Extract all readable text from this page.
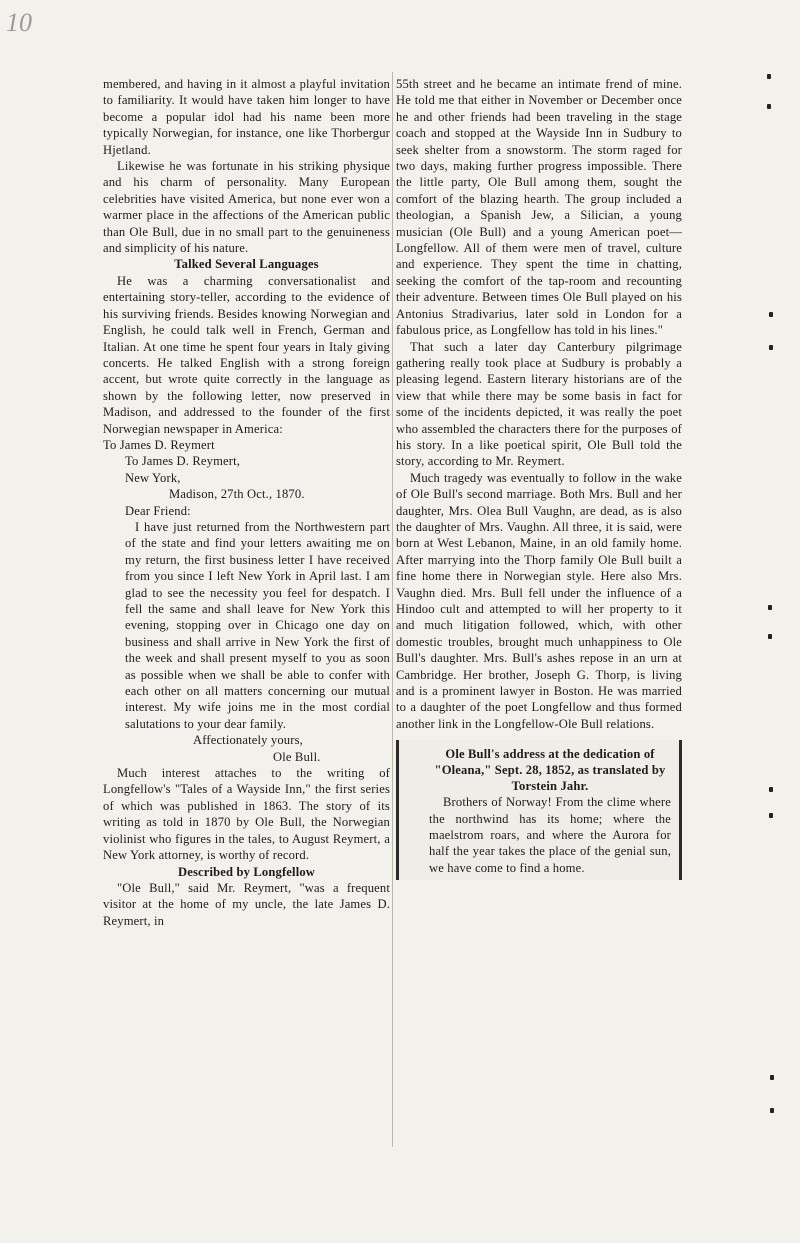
10

membered, and having in it almost a playful invitation to familiarity. It would have taken him longer to have become a popular idol had his name been more typically Norwegian, for instance, one like Thorbergur Hjetland.

Likewise he was fortunate in his striking physique and his charm of personality. Many European celebrities have visited America, but none ever won a warmer place in the affections of the American public than Ole Bull, due in no small part to the genuineness and simplicity of his nature.

Talked Several Languages

He was a charming conversationalist and entertaining story-teller, according to the evidence of his surviving friends. Besides knowing Norwegian and English, he could talk well in French, German and Italian. At one time he spent four years in Italy giving concerts. He talked English with a strong foreign accent, but wrote quite correctly in the language as shown by the following letter, now preserved in Madison, and addressed to the founder of the first Norwegian newspaper in America:

To James D. Reymert

To James D. Reymert,

New York,

Madison, 27th Oct., 1870.

Dear Friend:

I have just returned from the Northwestern part of the state and find your letters awaiting me on my return, the first business letter I have received from you since I left New York in April last. I am glad to see the necessity you feel for despatch. I fell the same and shall leave for New York this evening, stopping over in Chicago one day on business and shall arrive in New York the first of the week and shall present myself to you as soon as possible when we shall be able to confer with each other on all matters concerning our mutual interest. My wife joins me in the most cordial salutations to your dear family.

Affectionately yours,

Ole Bull.

Much interest attaches to the writing of Longfellow's "Tales of a Wayside Inn," the first series of which was published in 1863. The story of its writing as told in 1870 by Ole Bull, the Norwegian violinist who figures in the tales, to August Reymert, a New York attorney, is worthy of record.

Described by Longfellow

"Ole Bull," said Mr. Reymert, "was a frequent visitor at the home of my uncle, the late James D. Reymert, in

55th street and he became an intimate frend of mine. He told me that either in November or December once he and other friends had been traveling in the stage coach and stopped at the Wayside Inn in Sudbury to seek shelter from a snowstorm. The storm raged for two days, making further progress impossible. There the little party, Ole Bull among them, sought the comfort of the blazing hearth. The group included a theologian, a Spanish Jew, a Silician, a young musician (Ole Bull) and a young American poet—Longfellow. All of them were men of travel, culture and experience. They spent the time in chatting, seeking the comfort of the tap-room and recounting their adventure. Between times Ole Bull played on his Antonius Stradivarius, later sold in London for a fabulous price, as Longfellow has told in his lines."

That such a later day Canterbury pilgrimage gathering really took place at Sudbury is probably a pleasing legend. Eastern literary historians are of the view that while there may be some basis in fact for some of the incidents depicted, it was really the poet who assembled the characters there for the purposes of his story. In a like poetical spirit, Ole Bull told the story, according to Mr. Reymert.

Much tragedy was eventually to follow in the wake of Ole Bull's second marriage. Both Mrs. Bull and her daughter, Mrs. Olea Bull Vaughn, are dead, as is also the daughter of Mrs. Vaughn. All three, it is said, were born at West Lebanon, Maine, in an old family home. After marrying into the Thorp family Ole Bull built a fine home there in Norwegian style. Here also Mrs. Vaughn died. Mrs. Bull fell under the influence of a Hindoo cult and attempted to will her property to it and much litigation followed, which, with other domestic troubles, brought much unhappiness to Ole Bull's daughter. Mrs. Bull's ashes repose in an urn at Cambridge. Her brother, Joseph G. Thorp, is living and is a prominent lawyer in Boston. He was married to a daughter of the poet Longfellow and thus formed another link in the Longfellow-Ole Bull relations.

Ole Bull's address at the dedication of "Oleana," Sept. 28, 1852, as translated by Torstein Jahr.

Brothers of Norway! From the clime where the northwind has its home; where the maelstrom roars, and where the Aurora for half the year takes the place of the genial sun, we have come to find a home.
